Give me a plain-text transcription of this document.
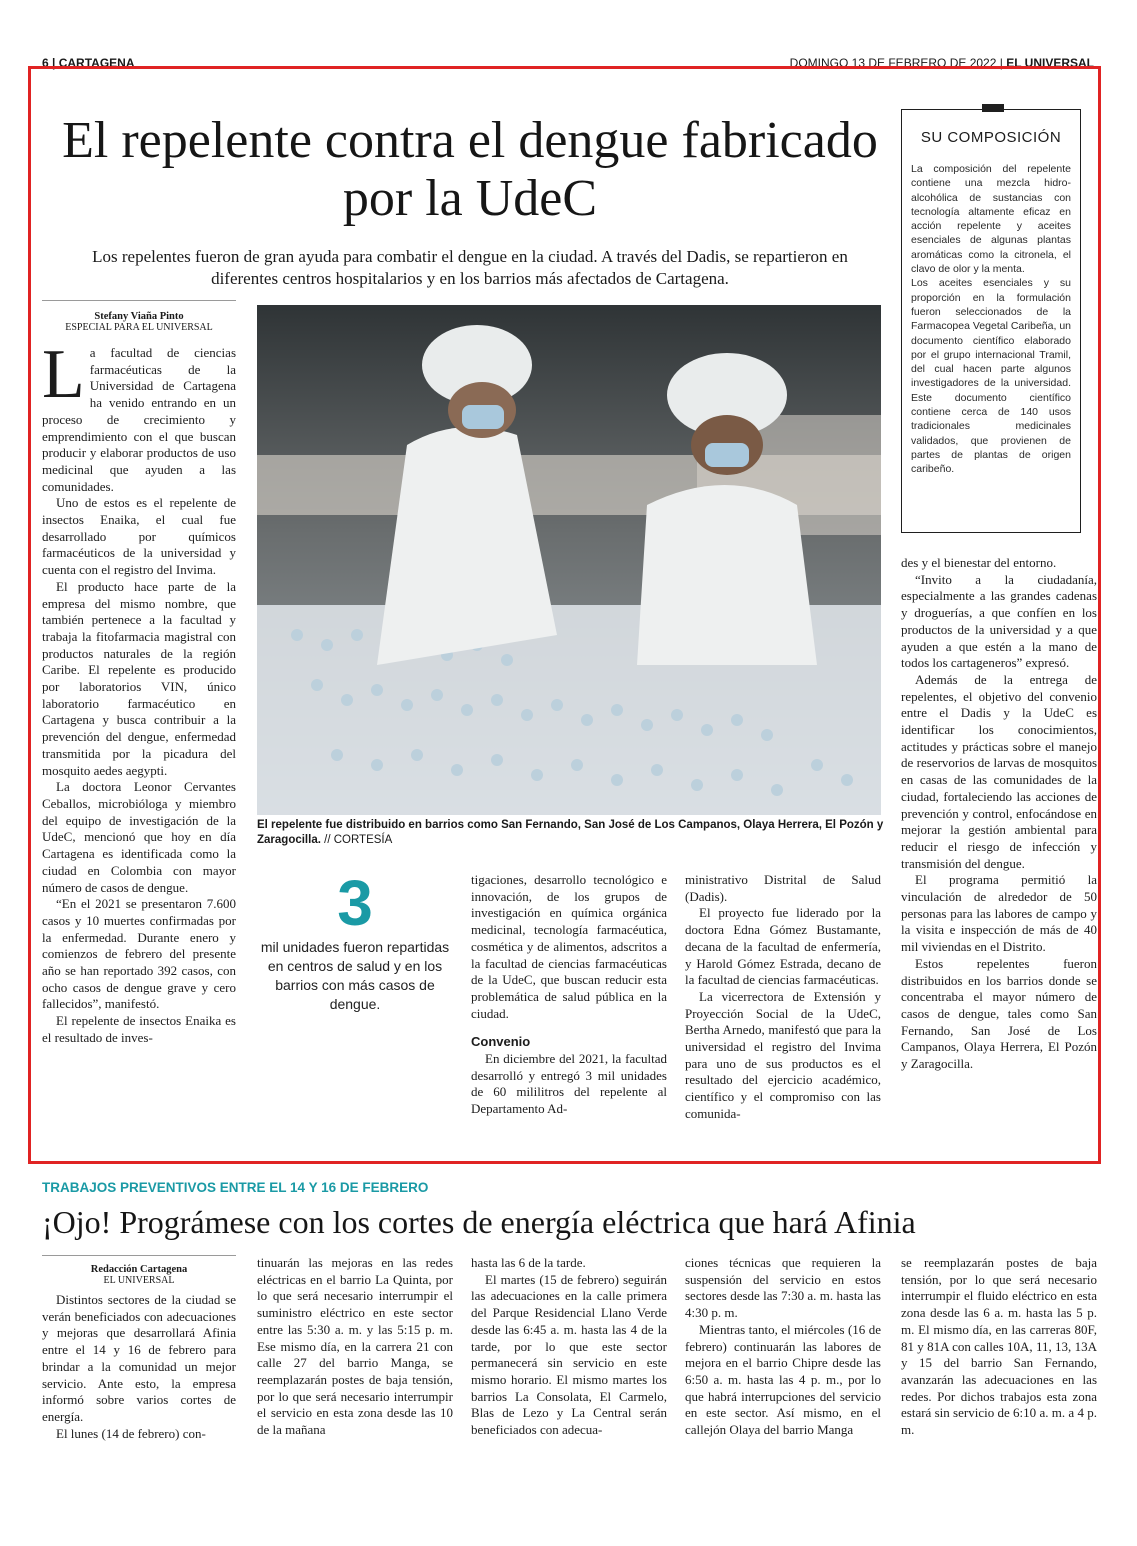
6 | CARTAGENA	DOMINGO 13 DE FEBRERO DE 2022 | EL UNIVERSAL
El repelente contra el dengue fabricado por la UdeC
Los repelentes fueron de gran ayuda para combatir el dengue en la ciudad. A través del Dadis, se repartieron en diferentes centros hospitalarios y en los barrios más afectados de Cartagena.
SU COMPOSICIÓN

La composición del repelente contiene una mezcla hidro-alcohólica de sustancias con tecnología altamente eficaz en acción repelente y aceites esenciales de algunas plantas aromáticas como la citronela, el clavo de olor y la menta.

Los aceites esenciales y su proporción en la formulación fueron seleccionados de la Farmacopea Vegetal Caribeña, un documento científico elaborado por el grupo internacional Tramil, del cual hacen parte algunos investigadores de la universidad. Este documento científico contiene cerca de 140 usos tradicionales medicinales validados, que provienen de partes de plantas de origen caribeño.

Stefany Viaña Pinto
ESPECIAL PARA EL UNIVERSAL

La facultad de ciencias farmacéuticas de la Universidad de Cartagena ha venido entrando en un proceso de crecimiento y emprendimiento con el que buscan producir y elaborar productos de uso medicinal que ayuden a las comunidades.

Uno de estos es el repelente de insectos Enaika, el cual fue desarrollado por químicos farmacéuticos de la universidad y cuenta con el registro del Invima.

El producto hace parte de la empresa del mismo nombre, que también pertenece a la facultad y trabaja la fitofarmacia magistral con productos naturales de la región Caribe. El repelente es producido por laboratorios VIN, único laboratorio farmacéutico en Cartagena y busca contribuir a la prevención del dengue, enfermedad transmitida por la picadura del mosquito aedes aegypti.

La doctora Leonor Cervantes Ceballos, microbióloga y miembro del equipo de investigación de la UdeC, mencionó que hoy en día Cartagena es identificada como la ciudad en Colombia con mayor número de casos de dengue.

“En el 2021 se presentaron 7.600 casos y 10 muertes confirmadas por la enfermedad. Durante enero y comienzos de febrero del presente año se han reportado 392 casos, con ocho casos de dengue grave y cero fallecidos”, manifestó.

El repelente de insectos Enaika es el resultado de inves-

El repelente fue distribuido en barrios como San Fernando, San José de Los Campanos, Olaya Herrera, El Pozón y Zaragocilla. // CORTESÍA
3
mil unidades fueron repartidas en centros de salud y en los barrios con más casos de dengue.

tigaciones, desarrollo tecnológico e innovación, de los grupos de investigación en química orgánica medicinal, tecnología farmacéutica, cosmética y de alimentos, adscritos a la facultad de ciencias farmacéuticas de la UdeC, que buscan reducir esta problemática de salud pública en la ciudad.

Convenio

En diciembre del 2021, la facultad desarrolló y entregó 3 mil unidades de 60 mililitros del repelente al Departamento Ad-

ministrativo Distrital de Salud (Dadis).

El proyecto fue liderado por la doctora Edna Gómez Bustamante, decana de la facultad de enfermería, y Harold Gómez Estrada, decano de la facultad de ciencias farmacéuticas.

La vicerrectora de Extensión y Proyección Social de la UdeC, Bertha Arnedo, manifestó que para la universidad el registro del Invima para uno de sus productos es el resultado del ejercicio académico, científico y el compromiso con las comunida-

des y el bienestar del entorno.

“Invito a la ciudadanía, especialmente a las grandes cadenas y droguerías, a que confíen en los productos de la universidad y a que ayuden a que estén a la mano de todos los cartageneros” expresó.

Además de la entrega de repelentes, el objetivo del convenio entre el Dadis y la UdeC es identificar los conocimientos, actitudes y prácticas sobre el manejo de reservorios de larvas de mosquitos en casas de las comunidades de la ciudad, fortaleciendo las acciones de prevención y control, enfocándose en mejorar la gestión ambiental para reducir el riesgo de infección y transmisión del dengue.

El programa permitió la vinculación de alrededor de 50 personas para las labores de campo y la visita e inspección de más de 40 mil viviendas en el Distrito.

Estos repelentes fueron distribuidos en los barrios donde se concentraba el mayor número de casos de dengue, tales como San Fernando, San José de Los Campanos, Olaya Herrera, El Pozón y Zaragocilla.

TRABAJOS PREVENTIVOS ENTRE EL 14 Y 16 DE FEBRERO
¡Ojo! Prográmese con los cortes de energía eléctrica que hará Afinia
Redacción Cartagena
EL UNIVERSAL

Distintos sectores de la ciudad se verán beneficiados con adecuaciones y mejoras que desarrollará Afinia entre el 14 y 16 de febrero para brindar a la comunidad un mejor servicio. Ante esto, la empresa informó sobre varios cortes de energía.

El lunes (14 de febrero) con-

tinuarán las mejoras en las redes eléctricas en el barrio La Quinta, por lo que será necesario interrumpir el suministro eléctrico en este sector entre las 5:30 a. m. y las 5:15 p. m. Ese mismo día, en la carrera 21 con calle 27 del barrio Manga, se reemplazarán postes de baja tensión, por lo que será necesario interrumpir el servicio en esta zona desde las 10 de la mañana

hasta las 6 de la tarde.

El martes (15 de febrero) seguirán las adecuaciones en la calle primera del Parque Residencial Llano Verde desde las 6:45 a. m. hasta las 4 de la tarde, por lo que este sector permanecerá sin servicio en este mismo horario. El mismo martes los barrios La Consolata, El Carmelo, Blas de Lezo y La Central serán beneficiados con adecua-

ciones técnicas que requieren la suspensión del servicio en estos sectores desde las 7:30 a. m. hasta las 4:30 p. m.

Mientras tanto, el miércoles (16 de febrero) continuarán las labores de mejora en el barrio Chipre desde las 6:50 a. m. hasta las 4 p. m., por lo que habrá interrupciones del servicio en este sector. Así mismo, en el callejón Olaya del barrio Manga

se reemplazarán postes de baja tensión, por lo que será necesario interrumpir el fluido eléctrico en esta zona desde las 6 a. m. hasta las 5 p. m. El mismo día, en las carreras 80F, 81 y 81A con calles 10A, 11, 13, 13A y 15 del barrio San Fernando, avanzarán las adecuaciones en las redes. Por dichos trabajos esta zona estará sin servicio de 6:10 a. m. a 4 p. m.
